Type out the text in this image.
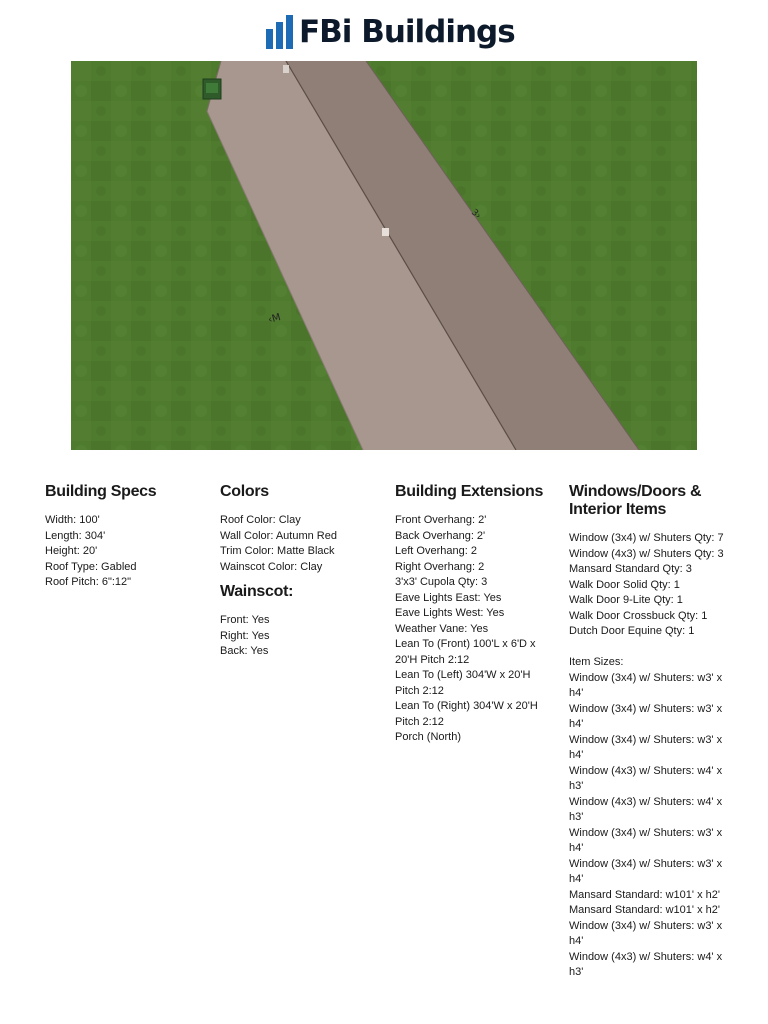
FBi Buildings
‹M
3›
Building Specs
Width: 100'
Length: 304'
Height: 20'
Roof Type: Gabled
Roof Pitch: 6":12"
Colors
Roof Color: Clay
Wall Color: Autumn Red
Trim Color: Matte Black
Wainscot Color: Clay
Wainscot:
Front: Yes
Right: Yes
Back: Yes
Building Extensions
Front Overhang: 2'
Back Overhang: 2'
Left Overhang: 2
Right Overhang: 2
3'x3' Cupola Qty: 3
Eave Lights East: Yes
Eave Lights West: Yes
Weather Vane: Yes
Lean To (Front) 100'L x 6'D x 20'H Pitch 2:12
Lean To (Left) 304'W x 20'H Pitch 2:12
Lean To (Right) 304'W x 20'H Pitch 2:12
Porch (North)
Windows/Doors & Interior Items
Window (3x4) w/ Shuters Qty: 7
Window (4x3) w/ Shuters Qty: 3
Mansard Standard Qty: 3
Walk Door Solid Qty: 1
Walk Door 9-Lite Qty: 1
Walk Door Crossbuck Qty: 1
Dutch Door Equine Qty: 1
Item Sizes:
Window (3x4) w/ Shuters: w3' x h4'
Window (3x4) w/ Shuters: w3' x h4'
Window (3x4) w/ Shuters: w3' x h4'
Window (4x3) w/ Shuters: w4' x h3'
Window (4x3) w/ Shuters: w4' x h3'
Window (3x4) w/ Shuters: w3' x h4'
Window (3x4) w/ Shuters: w3' x h4'
Mansard Standard: w101' x h2'
Mansard Standard: w101' x h2'
Window (3x4) w/ Shuters: w3' x h4'
Window (4x3) w/ Shuters: w4' x h3'
